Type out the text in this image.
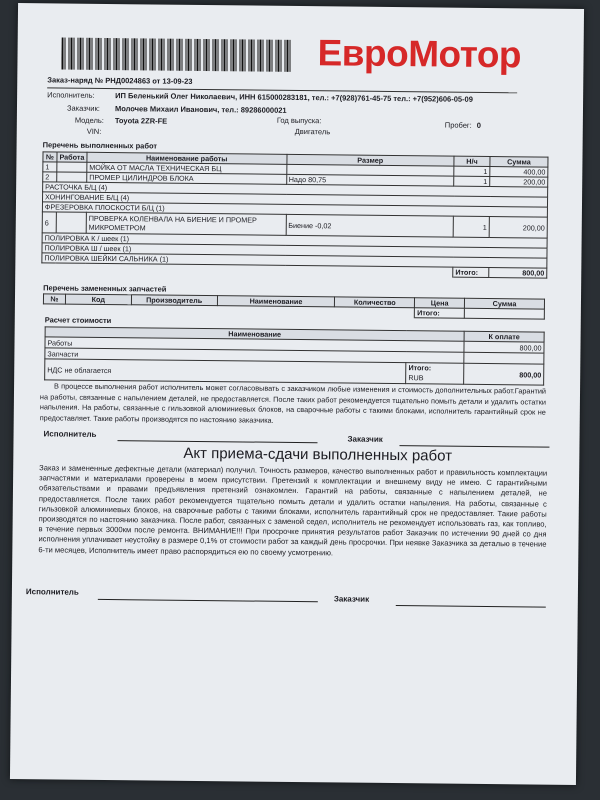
ЕвроМотор
Заказ-наряд № РНД0024863 от 13-09-23
Исполнитель:	ИП Беленький Олег Николаевич, ИНН 615000283181, тел.: +7(928)761-45-75 тел.: +7(952)606-05-09
Заказчик: Молочев Михаил Иванович, тел.: 89286000021
Модель: Toyota 2ZR-FE
VIN:
Год выпуска:
Двигатель
Пробег: 0
Перечень выполненных работ
№	Работа	Наименование работы	Размер	Н/ч	Сумма
1		МОЙКА ОТ МАСЛА ТЕХНИЧЕСКАЯ БЦ		1	400,00
2		ПРОМЕР ЦИЛИНДРОВ БЛОКА	Надо 80,75	1	200,00
РАСТОЧКА Б/Ц (4)
ХОНИНГОВАНИЕ Б/Ц (4)
ФРЕЗЕРОВКА ПЛОСКОСТИ Б/Ц (1)
6		ПРОВЕРКА КОЛЕНВАЛА НА БИЕНИЕ И ПРОМЕР МИКРОМЕТРОМ	Биение -0,02	1	200,00
ПОЛИРОВКА К / шеек (1)
ПОЛИРОВКА Ш / шеек (1)
ПОЛИРОВКА ШЕЙКИ САЛЬНИКА (1)
	Итого:	800,00
Перечень замененных запчастей
№	Код	Производитель	Наименование	Количество	Цена	Сумма
	Итого:	
Расчет стоимости
Наименование	К оплате
Работы	800,00
Запчасти	
НДС не облагается	Итого:
RUB	800,00
В процессе выполнения работ исполнитель может согласовывать с заказчиком любые изменения и стоимость дополнительных работ.Гарантий на работы, связанные с напылением деталей, не предоставляется. После таких работ рекомендуется тщательно помыть детали и удалить остатки напыления. На работы, связанные с гильзовкой алюминиевых блоков, на сварочные работы с такими блоками, исполнитель гарантийный срок не предоставляет. Такие работы производятся по настоянию заказчика.
Исполнитель
Заказчик
Акт приема-сдачи выполненных работ
Заказ и замененные дефектные детали (материал) получил. Точность размеров, качество выполненных работ и правильность комплектации запчастями и материалами проверены в моем присутствии. Претензий к комплектации и внешнему виду не имею. С гарантийными обязательствами и правами предъявления претензий ознакомлен. Гарантий на работы, связанные с напылением деталей, не предоставляется. После таких работ рекомендуется тщательно помыть детали и удалить остатки напыления. На работы, связанные с гильзовкой алюминиевых блоков, на сварочные работы с такими блоками, исполнитель гарантийный срок не предоставляет. Такие работы производятся по настоянию заказчика. После работ, связанных с заменой седел, исполнитель не рекомендует использовать газ, как топливо, в течение первых 3000км после ремонта. ВНИМАНИЕ!!! При просрочке принятия результатов работ Заказчик по истечении 90 дней со дня исполнения уплачивает неустойку в размере 0,1% от стоимости работ за каждый день просрочки. При неявке Заказчика за деталью в течение 6-ти месяцев, Исполнитель имеет право распорядиться ею по своему усмотрению.
Исполнитель
Заказчик
